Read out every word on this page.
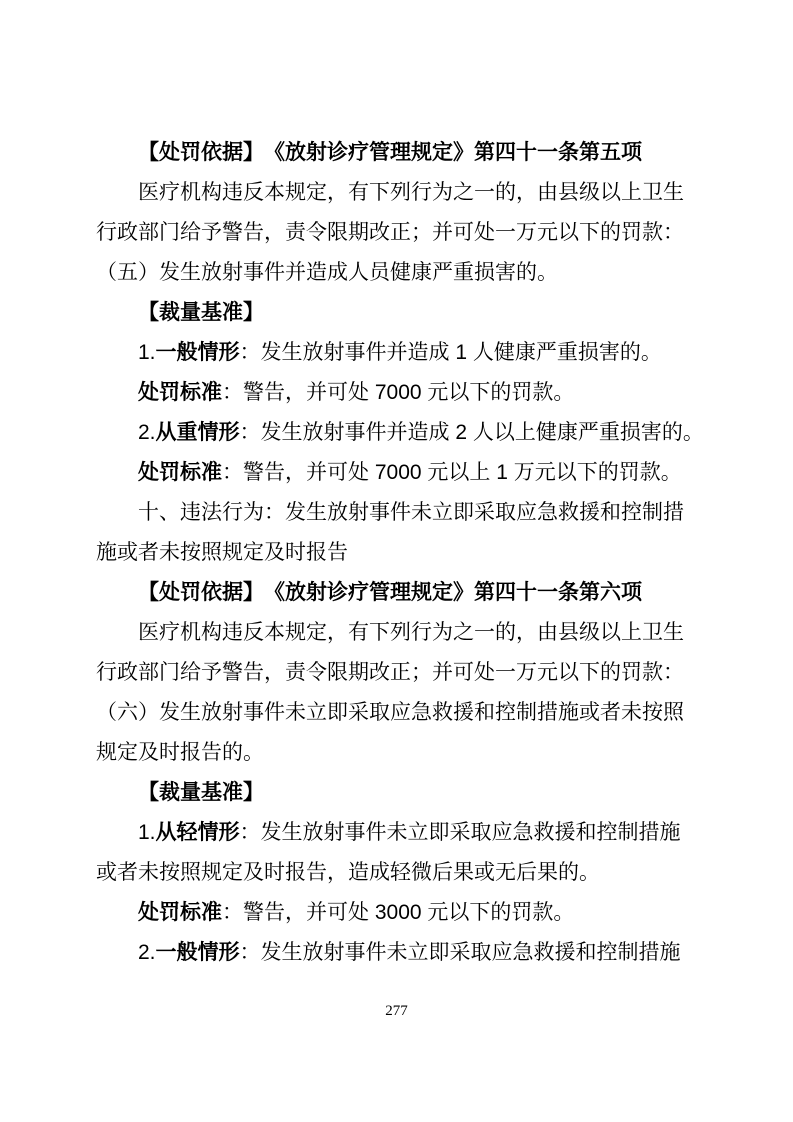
【处罚依据】　《放射诊疗管理规定》第四十一条第五项
医疗机构违反本规定，有下列行为之一的，由县级以上卫生
行政部门给予警告，责令限期改正；并可处一万元以下的罚款：
（五）发生放射事件并造成人员健康严重损害的。
【裁量基准】
1.一般情形：发生放射事件并造成 1 人健康严重损害的。
处罚标准：警告，并可处 7000 元以下的罚款。
2.从重情形：发生放射事件并造成 2 人以上健康严重损害的。
处罚标准：警告，并可处 7000 元以上 1 万元以下的罚款。
十、违法行为：发生放射事件未立即采取应急救援和控制措
施或者未按照规定及时报告
【处罚依据】　《放射诊疗管理规定》第四十一条第六项
医疗机构违反本规定，有下列行为之一的，由县级以上卫生
行政部门给予警告，责令限期改正；并可处一万元以下的罚款：
（六）发生放射事件未立即采取应急救援和控制措施或者未按照
规定及时报告的。
【裁量基准】
1.从轻情形：发生放射事件未立即采取应急救援和控制措施
或者未按照规定及时报告，造成轻微后果或无后果的。
处罚标准：警告，并可处 3000 元以下的罚款。
2.一般情形：发生放射事件未立即采取应急救援和控制措施
277
